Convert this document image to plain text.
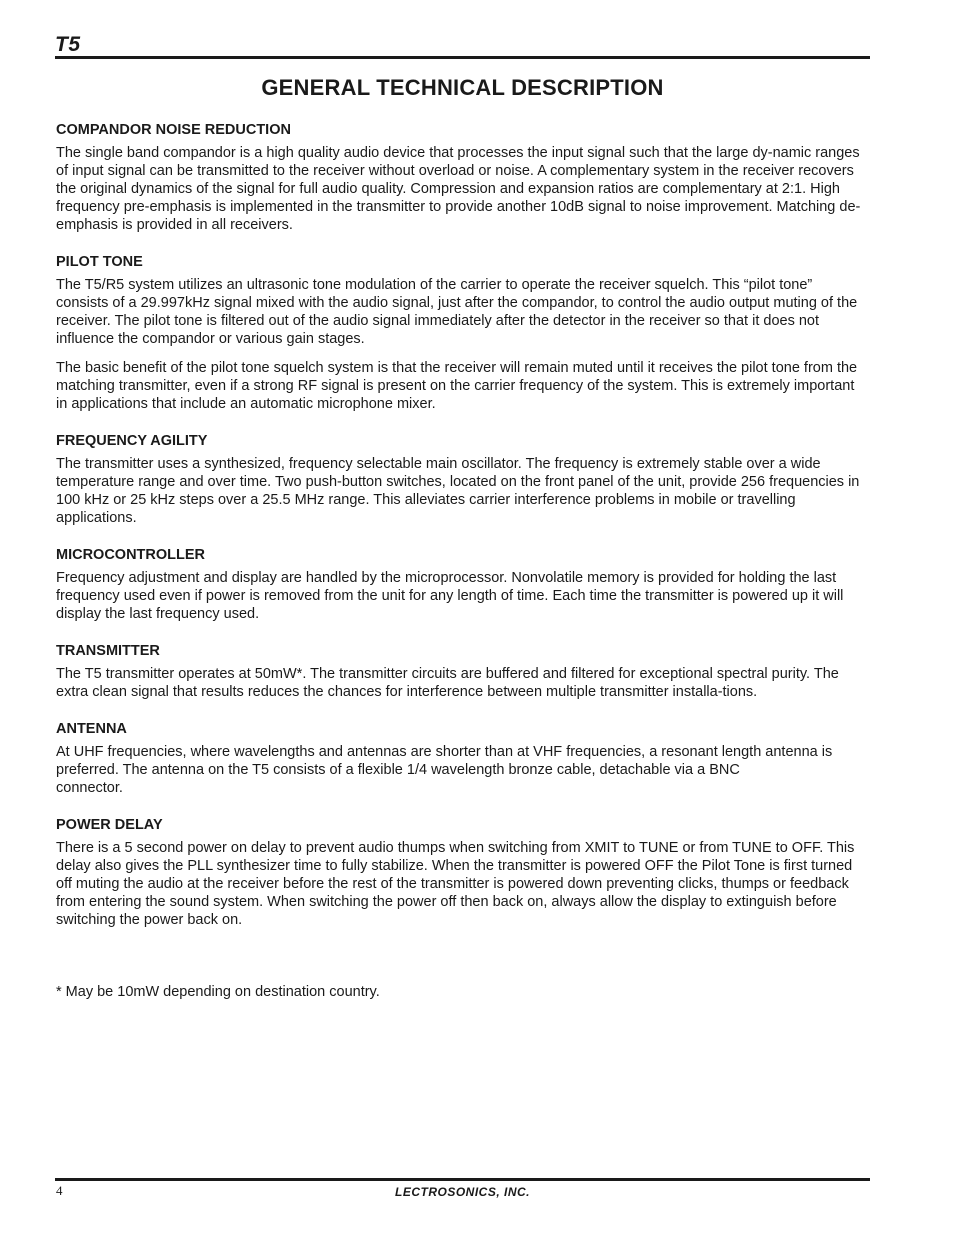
T5
GENERAL TECHNICAL DESCRIPTION
COMPANDOR NOISE REDUCTION

The single band compandor is a high quality audio device that processes the input signal such that the large dy-namic ranges of input signal can be transmitted to the receiver without overload or noise. A complementary system in the receiver recovers the original dynamics of the signal for full audio quality. Compression and expansion ratios are complementary at 2:1. High frequency pre-emphasis is implemented in the transmitter to provide another 10dB signal to noise improvement. Matching de-emphasis is provided in all receivers.

PILOT TONE

The T5/R5 system utilizes an ultrasonic tone modulation of the carrier to operate the receiver squelch. This “pilot tone” consists of a 29.997kHz signal mixed with the audio signal, just after the compandor, to control the audio output muting of the receiver. The pilot tone is filtered out of the audio signal immediately after the detector in the receiver so that it does not influence the compandor or various gain stages.

The basic benefit of the pilot tone squelch system is that the receiver will remain muted until it receives the pilot tone from the matching transmitter, even if a strong RF signal is present on the carrier frequency of the system. This is extremely important in applications that include an automatic microphone mixer.

FREQUENCY AGILITY

The transmitter uses a synthesized, frequency selectable main oscillator. The frequency is extremely stable over a wide temperature range and over time. Two push-button switches, located on the front panel of the unit, provide 256 frequencies in 100 kHz or 25 kHz steps over a 25.5 MHz range. This alleviates carrier interference problems in mobile or travelling applications.

MICROCONTROLLER

Frequency adjustment and display are handled by the microprocessor. Nonvolatile memory is provided for holding the last frequency used even if power is removed from the unit for any length of time. Each time the transmitter is powered up it will display the last frequency used.

TRANSMITTER

The T5 transmitter operates at 50mW*. The transmitter circuits are buffered and filtered for exceptional spectral purity. The extra clean signal that results reduces the chances for interference between multiple transmitter installa-tions.

ANTENNA

At UHF frequencies, where wavelengths and antennas are shorter than at VHF frequencies, a resonant length antenna is preferred. The antenna on the T5 consists of a flexible 1/4 wavelength bronze cable, detachable via a BNC
connector.

POWER DELAY

There is a 5 second power on delay to prevent audio thumps when switching from XMIT to TUNE or from TUNE to OFF. This delay also gives the PLL synthesizer time to fully stabilize. When the transmitter is powered OFF the Pilot Tone is first turned off muting the audio at the receiver before the rest of the transmitter is powered down preventing clicks, thumps or feedback from entering the sound system. When switching the power off then back on, always allow the display to extinguish before switching the power back on.

* May be 10mW depending on destination country.
4	LECTROSONICS, INC.
